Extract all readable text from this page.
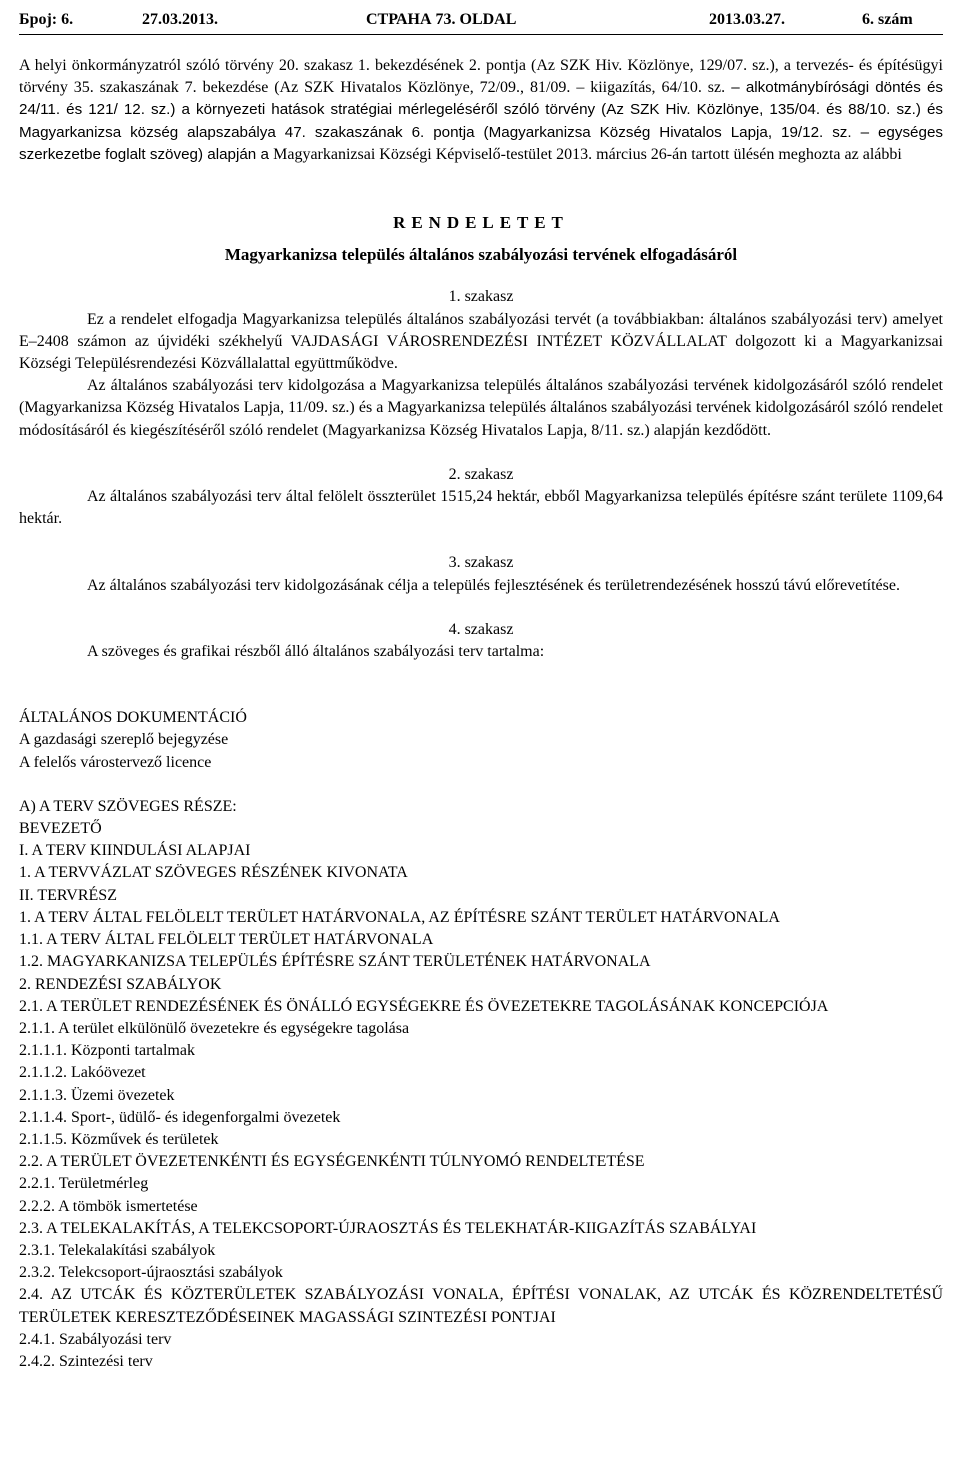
Број: 6.	27.03.2013.	СТРАНА 73. OLDAL	2013.03.27.	6. szám

A helyi önkormányzatról szóló törvény 20. szakasz 1. bekezdésének 2. pontja (Az SZK Hiv. Közlönye, 129/07. sz.), a tervezés- és építésügyi törvény 35. szakaszának 7. bekezdése (Az SZK Hivatalos Közlönye, 72/09., 81/09. – kiigazítás, 64/10. sz. – alkotmánybírósági döntés és 24/11. és 121/ 12. sz.) a környezeti hatások stratégiai mérlegeléséről szóló törvény (Az SZK Hiv. Közlönye, 135/04. és 88/10. sz.) és Magyarkanizsa község alapszabálya 47. szakaszának 6. pontja (Magyarkanizsa Község Hivatalos Lapja, 19/12. sz. – egységes szerkezetbe foglalt szöveg) alapján a Magyarkanizsai Községi Képviselő-testület 2013. március 26-án tartott ülésén meghozta az alábbi

RENDELETET

Magyarkanizsa település általános szabályozási tervének elfogadásáról

1. szakasz

Ez a rendelet elfogadja Magyarkanizsa település általános szabályozási tervét (a továbbiakban: általános szabályozási terv) amelyet E–2408 számon az újvidéki székhelyű VAJDASÁGI VÁROSRENDEZÉSI INTÉZET KÖZVÁLLALAT dolgozott ki a Magyarkanizsai Községi Településrendezési Közvállalattal együttműködve.

Az általános szabályozási terv kidolgozása a Magyarkanizsa település általános szabályozási tervének kidolgozásáról szóló rendelet (Magyarkanizsa Község Hivatalos Lapja, 11/09. sz.) és a Magyarkanizsa település általános szabályozási tervének kidolgozásáról szóló rendelet módosításáról és kiegészítéséről szóló rendelet (Magyarkanizsa Község Hivatalos Lapja, 8/11. sz.) alapján kezdődött.

2. szakasz

Az általános szabályozási terv által felölelt összterület 1515,24 hektár, ebből Magyarkanizsa település építésre szánt területe 1109,64 hektár.

3. szakasz

Az általános szabályozási terv kidolgozásának célja a település fejlesztésének és területrendezésének hosszú távú előrevetítése.

4. szakasz

A szöveges és grafikai részből álló általános szabályozási terv tartalma:

ÁLTALÁNOS DOKUMENTÁCIÓ

A gazdasági szereplő bejegyzése

A felelős várostervező licence

A) A TERV SZÖVEGES RÉSZE:

BEVEZETŐ

I. A TERV KIINDULÁSI ALAPJAI

1. A TERVVÁZLAT SZÖVEGES RÉSZÉNEK KIVONATA

II. TERVRÉSZ

1. A TERV ÁLTAL FELÖLELT TERÜLET HATÁRVONALA, AZ ÉPÍTÉSRE SZÁNT TERÜLET HATÁRVONALA

1.1. A TERV ÁLTAL FELÖLELT TERÜLET HATÁRVONALA

1.2. MAGYARKANIZSA TELEPÜLÉS ÉPÍTÉSRE SZÁNT TERÜLETÉNEK HATÁRVONALA

2. RENDEZÉSI SZABÁLYOK

2.1. A TERÜLET RENDEZÉSÉNEK ÉS ÖNÁLLÓ EGYSÉGEKRE ÉS ÖVEZETEKRE TAGOLÁSÁNAK KONCEPCIÓJA

2.1.1. A terület elkülönülő övezetekre és egységekre tagolása

2.1.1.1. Központi tartalmak

2.1.1.2. Lakóövezet

2.1.1.3. Üzemi övezetek

2.1.1.4. Sport-, üdülő- és idegenforgalmi övezetek

2.1.1.5. Közművek és területek

2.2. A TERÜLET ÖVEZETENKÉNTI ÉS EGYSÉGENKÉNTI TÚLNYOMÓ RENDELTETÉSE

2.2.1. Területmérleg

2.2.2. A tömbök ismertetése

2.3. A TELEKALAKÍTÁS, A TELEKCSOPORT-ÚJRAOSZTÁS ÉS TELEKHATÁR-KIIGAZÍTÁS SZABÁLYAI

2.3.1. Telekalakítási szabályok

2.3.2. Telekcsoport-újraosztási szabályok

2.4. AZ UTCÁK ÉS KÖZTERÜLETEK SZABÁLYOZÁSI VONALA, ÉPÍTÉSI VONALAK, AZ UTCÁK ÉS KÖZRENDELTETÉSŰ TERÜLETEK KERESZTEZŐDÉSEINEK MAGASSÁGI SZINTEZÉSI PONTJAI

2.4.1. Szabályozási terv

2.4.2. Szintezési terv
